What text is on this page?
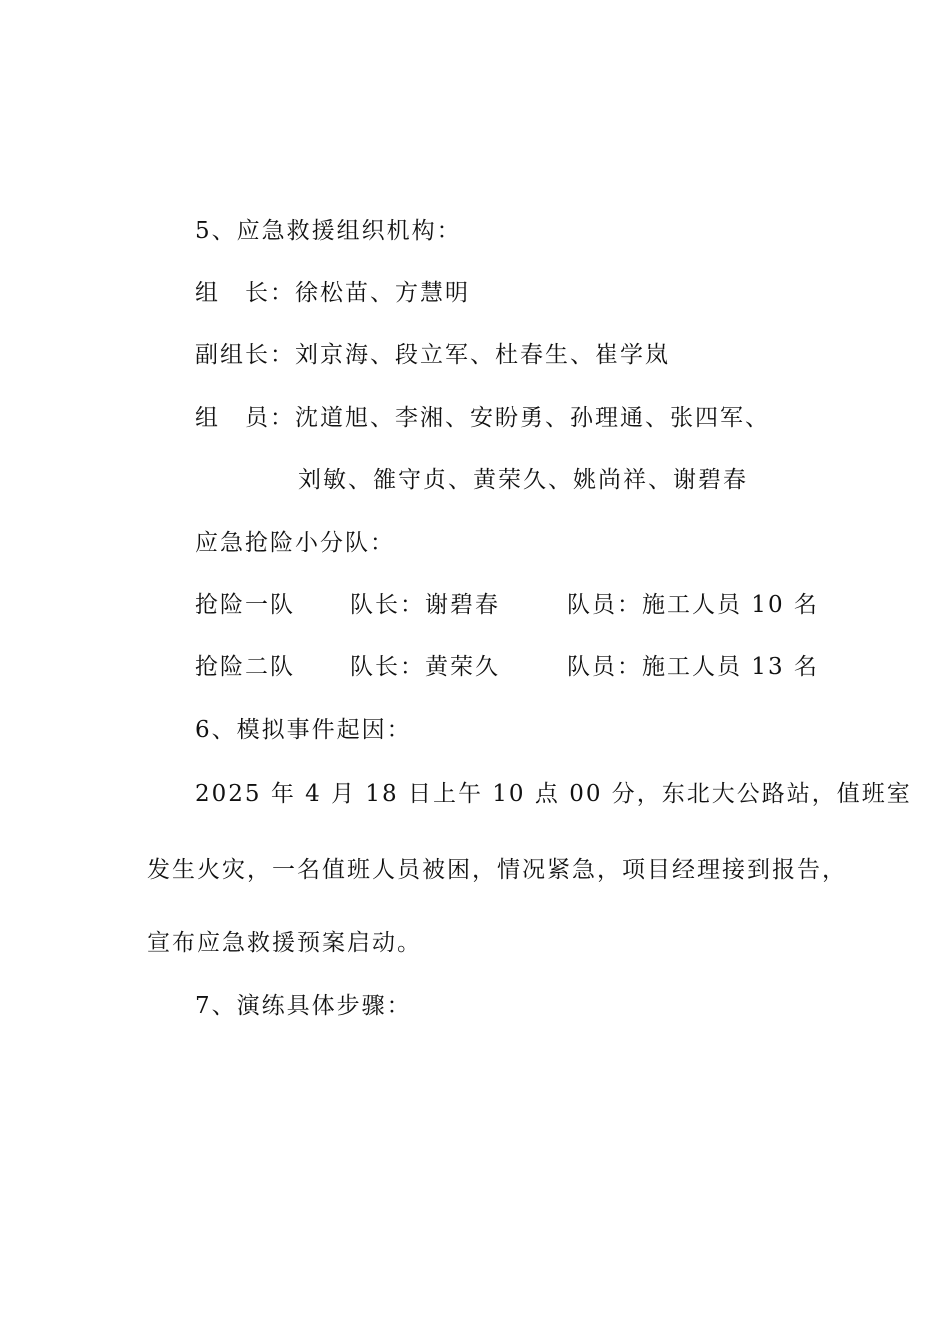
5、应急救援组织机构：
组　长：徐松苗、方慧明
副组长：刘京海、段立军、杜春生、崔学岚
组　员：沈道旭、李湘、安盼勇、孙理通、张四军、
刘敏、雒守贞、黄荣久、姚尚祥、谢碧春
应急抢险小分队：
抢险一队 队长：谢碧春	队员：施工人员 10 名
抢险二队 队长：黄荣久	队员：施工人员 13 名
6、模拟事件起因：
2025 年 4 月 18 日上午 10 点 00 分，东北大公路站，值班室
发生火灾，一名值班人员被困，情况紧急，项目经理接到报告，
宣布应急救援预案启动。
7、演练具体步骤：
